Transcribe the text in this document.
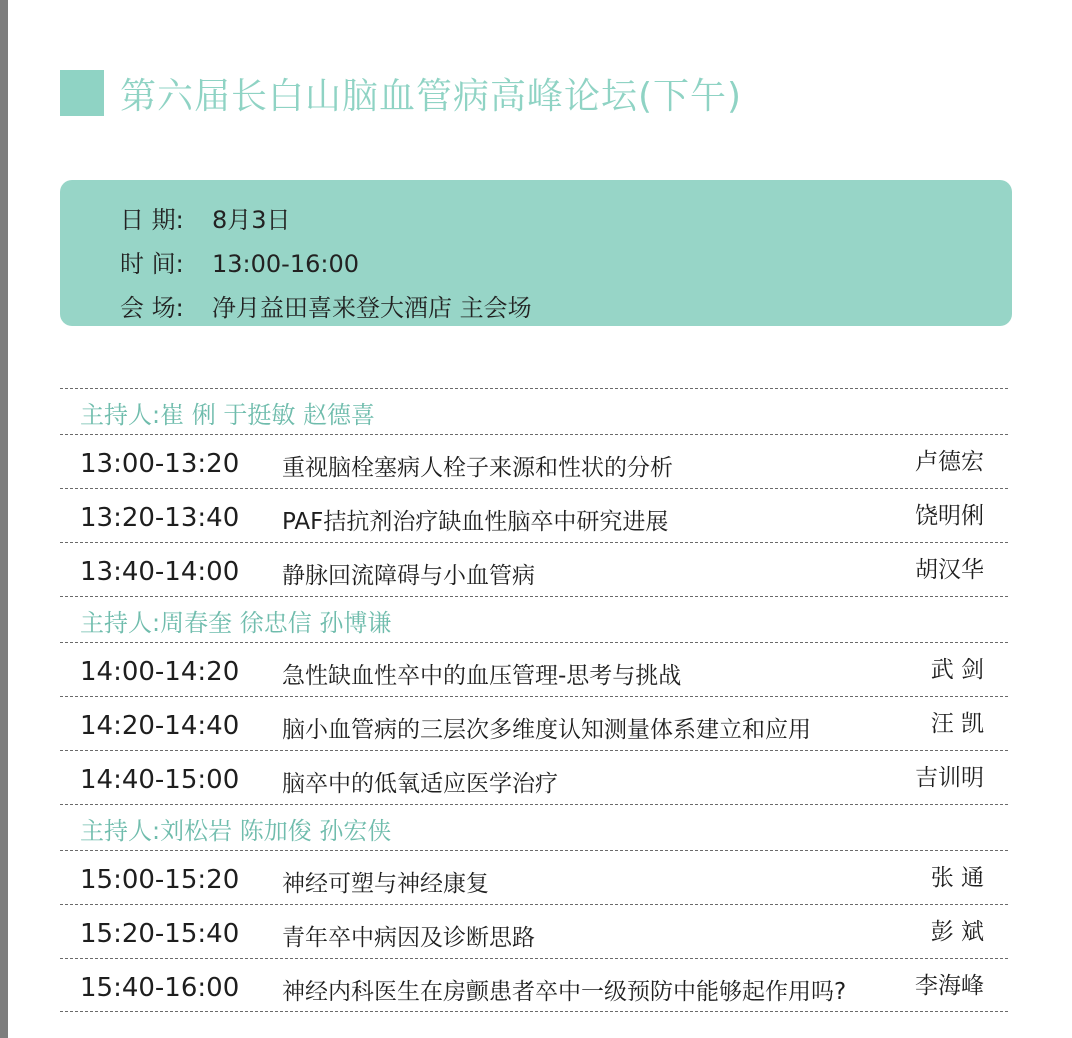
第六届长白山脑血管病高峰论坛(下午)
日 期: 8月3日
时 间: 13:00-16:00
会 场: 净月益田喜来登大酒店 主会场
主持人:崔 俐 于挺敏 赵德喜
13:00-13:20 重视脑栓塞病人栓子来源和性状的分析	卢德宏
13:20-13:40 PAF拮抗剂治疗缺血性脑卒中研究进展	饶明俐
13:40-14:00 静脉回流障碍与小血管病	胡汉华
主持人:周春奎 徐忠信 孙博谦
14:00-14:20 急性缺血性卒中的血压管理-思考与挑战	武 剑
14:20-14:40 脑小血管病的三层次多维度认知测量体系建立和应用	汪 凯
14:40-15:00 脑卒中的低氧适应医学治疗	吉训明
主持人:刘松岩 陈加俊 孙宏侠
15:00-15:20 神经可塑与神经康复	张 通
15:20-15:40 青年卒中病因及诊断思路	彭 斌
15:40-16:00 神经内科医生在房颤患者卒中一级预防中能够起作用吗?	李海峰
